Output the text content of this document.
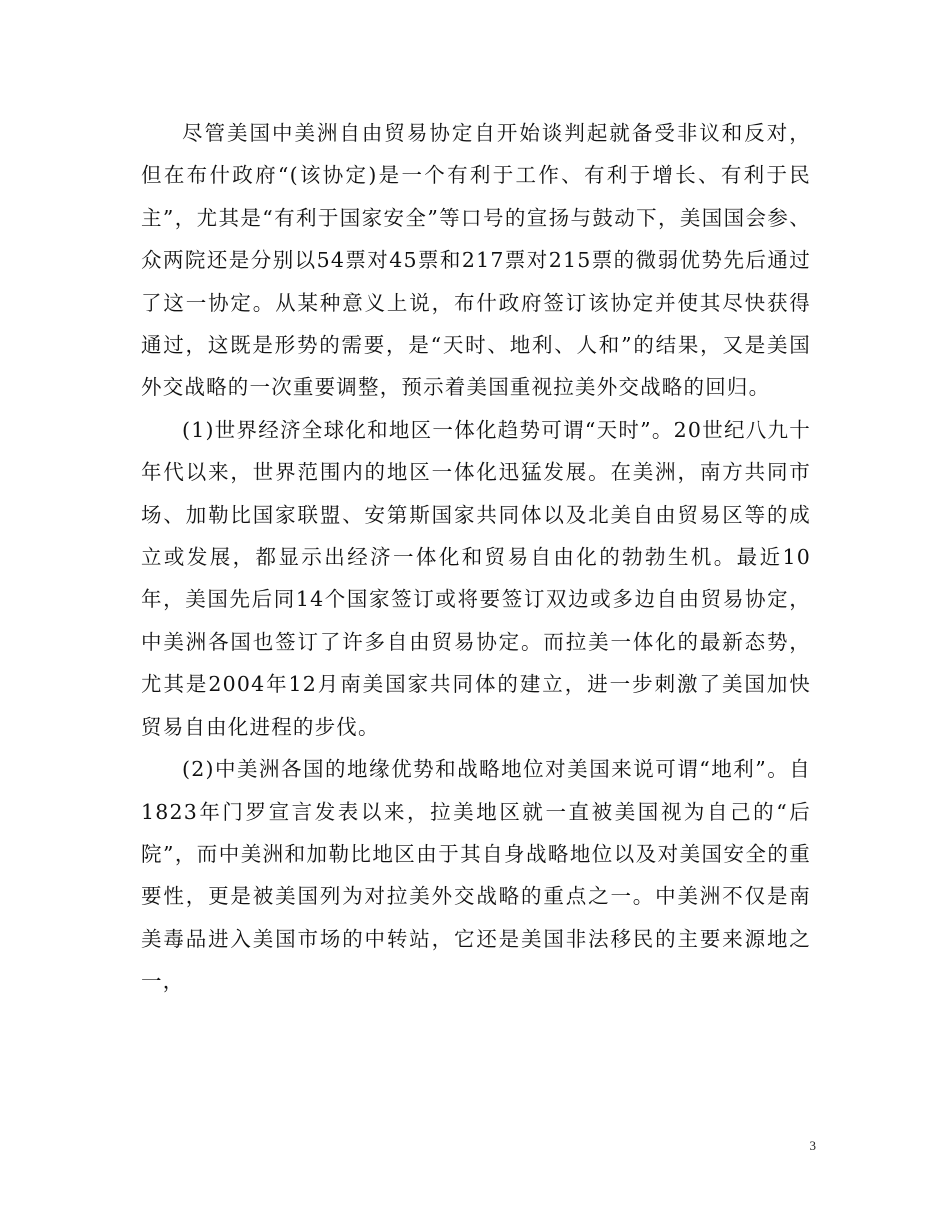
尽管美国中美洲自由贸易协定自开始谈判起就备受非议和反对，但在布什政府“(该协定)是一个有利于工作、有利于增长、有利于民主”，尤其是“有利于国家安全”等口号的宣扬与鼓动下，美国国会参、众两院还是分别以54票对45票和217票对215票的微弱优势先后通过了这一协定。从某种意义上说，布什政府签订该协定并使其尽快获得通过，这既是形势的需要，是“天时、地利、人和”的结果，又是美国外交战略的一次重要调整，预示着美国重视拉美外交战略的回归。

(1)世界经济全球化和地区一体化趋势可谓“天时”。20世纪八九十年代以来，世界范围内的地区一体化迅猛发展。在美洲，南方共同市场、加勒比国家联盟、安第斯国家共同体以及北美自由贸易区等的成立或发展，都显示出经济一体化和贸易自由化的勃勃生机。最近10年，美国先后同14个国家签订或将要签订双边或多边自由贸易协定，中美洲各国也签订了许多自由贸易协定。而拉美一体化的最新态势，尤其是2004年12月南美国家共同体的建立，进一步刺激了美国加快贸易自由化进程的步伐。

(2)中美洲各国的地缘优势和战略地位对美国来说可谓“地利”。自1823年门罗宣言发表以来，拉美地区就一直被美国视为自己的“后院”，而中美洲和加勒比地区由于其自身战略地位以及对美国安全的重要性，更是被美国列为对拉美外交战略的重点之一。中美洲不仅是南美毒品进入美国市场的中转站，它还是美国非法移民的主要来源地之一，

3
